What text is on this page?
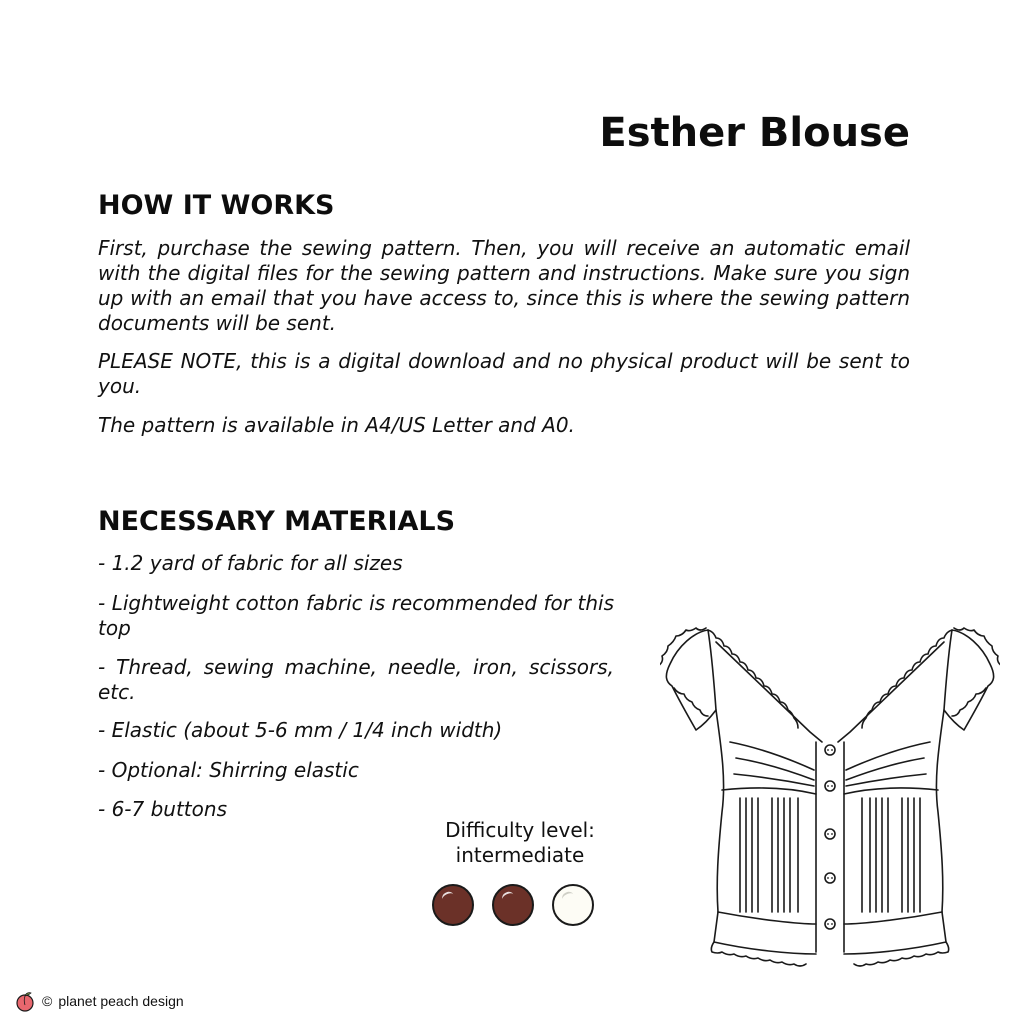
Esther Blouse
HOW IT WORKS

First, purchase the sewing pattern. Then, you will receive an automatic email with the digital files for the sewing pattern and instructions. Make sure you sign up with an email that you have access to, since this is where the sewing pattern documents will be sent.

PLEASE NOTE, this is a digital download and no physical product will be sent to you.

The pattern is available in A4/US Letter and A0.

NECESSARY MATERIALS

- 1.2 yard of fabric for all sizes

- Lightweight cotton fabric is recommended for this top

- Thread, sewing machine, needle, iron, scissors, etc.

- Elastic (about 5-6 mm / 1/4 inch width)

- Optional: Shirring elastic

- 6-7 buttons

Difficulty level:
intermediate
© planet peach design
